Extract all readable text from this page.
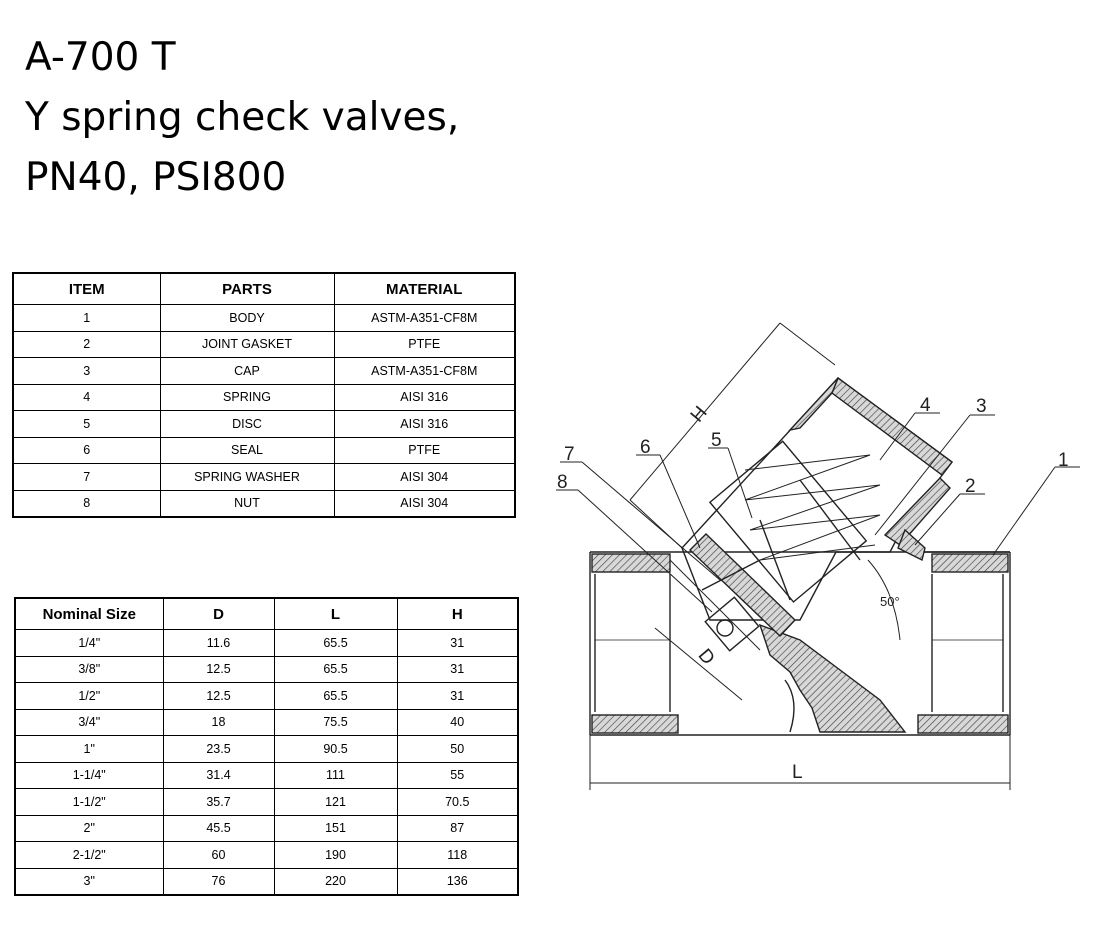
A-700 T
Y spring check valves,
PN40, PSI800
ITEM	PARTS	MATERIAL
1	BODY	ASTM-A351-CF8M
2	JOINT GASKET	PTFE
3	CAP	ASTM-A351-CF8M
4	SPRING	AISI 316
5	DISC	AISI 316
6	SEAL	PTFE
7	SPRING WASHER	AISI 304
8	NUT	AISI 304
Nominal Size	D	L	H
1/4"	11.6	65.5	31
3/8"	12.5	65.5	31
1/2"	12.5	65.5	31
3/4"	18	75.5	40
1"	23.5	90.5	50
1-1/4"	31.4	111	55
1-1/2"	35.7	121	70.5
2"	45.5	151	87
2-1/2"	60	190	118
3"	76	220	136
1
2
3
4
5
6
7
8
H
D
L
50°
